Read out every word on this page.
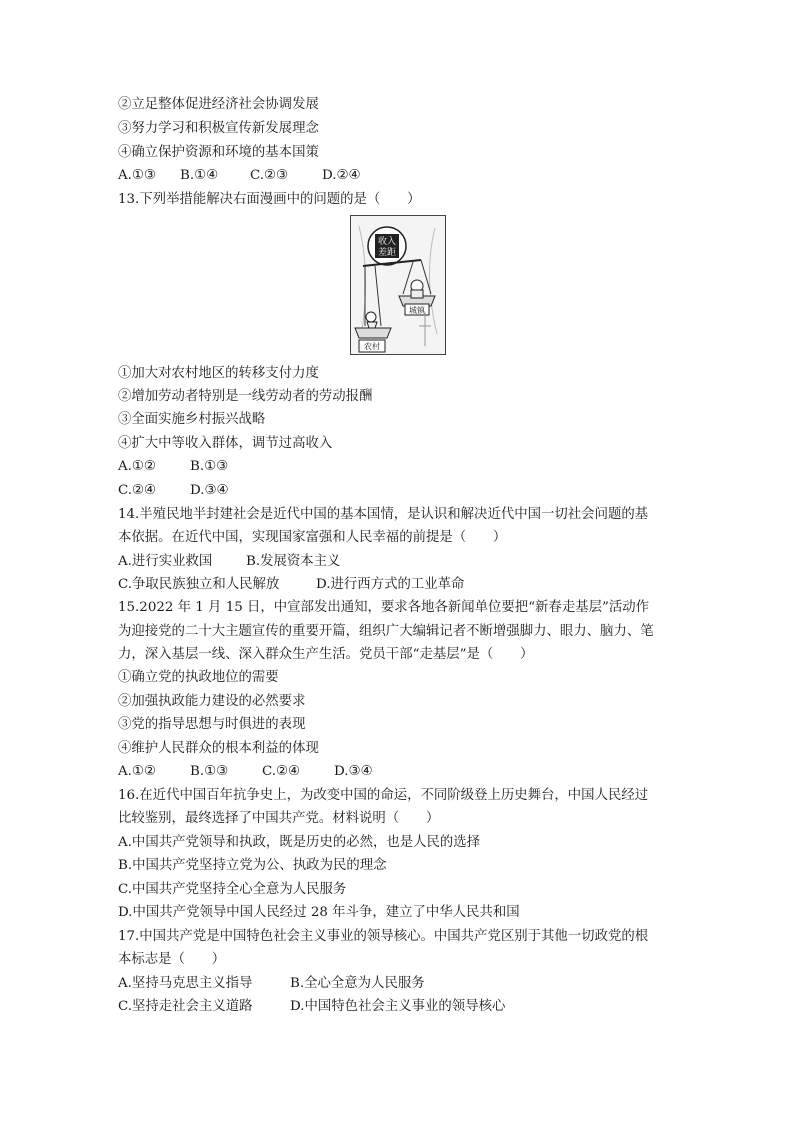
②立足整体促进经济社会协调发展
③努力学习和积极宣传新发展理念
④确立保护资源和环境的基本国策
A.①③ B.①④ C.②③	D.②④
13.下列举措能解决右面漫画中的问题的是（　　）
收入
差距
城镇
农村
①加大对农村地区的转移支付力度
②增加劳动者特别是一线劳动者的劳动报酬
③全面实施乡村振兴战略
④扩大中等收入群体，调节过高收入
A.①②	B.①③
C.②④	D.③④
14.半殖民地半封建社会是近代中国的基本国情，是认识和解决近代中国一切社会问题的基
本依据。在近代中国，实现国家富强和人民幸福的前提是（　　）
A.进行实业救国	B.发展资本主义
C.争取民族独立和人民解放	D.进行西方式的工业革命
15.2022 年 1 月 15 日，中宣部发出通知，要求各地各新闻单位要把“新春走基层”活动作
为迎接党的二十大主题宣传的重要开篇，组织广大编辑记者不断增强脚力、眼力、脑力、笔
力，深入基层一线、深入群众生产生活。党员干部“走基层”是（　　）
①确立党的执政地位的需要
②加强执政能力建设的必然要求
③党的指导思想与时俱进的表现
④维护人民群众的根本利益的体现
A.①②	B.①③	C.②④	D.③④
16.在近代中国百年抗争史上，为改变中国的命运，不同阶级登上历史舞台，中国人民经过
比较鉴别，最终选择了中国共产党。材料说明（　　）
A.中国共产党领导和执政，既是历史的必然，也是人民的选择
B.中国共产党坚持立党为公、执政为民的理念
C.中国共产党坚持全心全意为人民服务
D.中国共产党领导中国人民经过 28 年斗争，建立了中华人民共和国
17.中国共产党是中国特色社会主义事业的领导核心。中国共产党区别于其他一切政党的根
本标志是（　　）
A.坚持马克思主义指导	B.全心全意为人民服务
C.坚持走社会主义道路	D.中国特色社会主义事业的领导核心
